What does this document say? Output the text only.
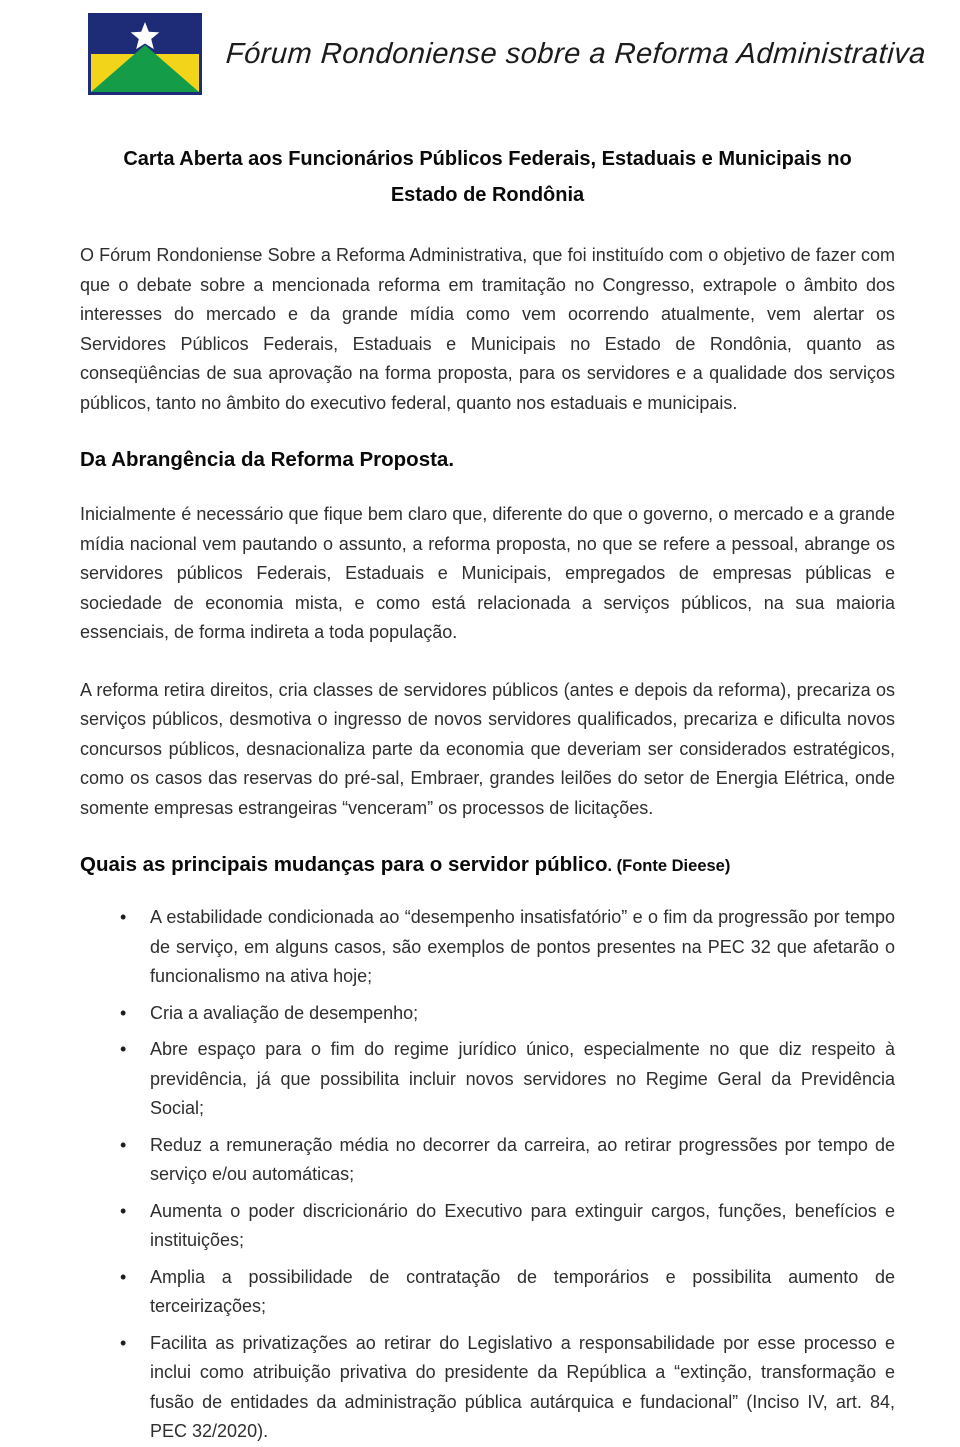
Fórum Rondoniense sobre a Reforma Administrativa
Carta Aberta aos Funcionários Públicos Federais, Estaduais e Municipais no Estado de Rondônia

O Fórum Rondoniense Sobre a Reforma Administrativa, que foi instituído com o objetivo de fazer com que o debate sobre a mencionada reforma em tramitação no Congresso, extrapole o âmbito dos interesses do mercado e da grande mídia como vem ocorrendo atualmente, vem alertar os Servidores Públicos Federais, Estaduais e Municipais no Estado de Rondônia, quanto as conseqüências de sua aprovação na forma proposta, para os servidores e a qualidade dos serviços públicos, tanto no âmbito do executivo federal, quanto nos estaduais e municipais.

Da Abrangência da Reforma Proposta.

Inicialmente é necessário que fique bem claro que, diferente do que o governo, o mercado e a grande mídia nacional vem pautando o assunto, a reforma proposta, no que se refere a pessoal, abrange os servidores públicos Federais, Estaduais e Municipais, empregados de empresas públicas e sociedade de economia mista, e como está relacionada a serviços públicos, na sua maioria essenciais, de forma indireta a toda população.

A reforma retira direitos, cria classes de servidores públicos (antes e depois da reforma), precariza os serviços públicos, desmotiva o ingresso de novos servidores qualificados, precariza e dificulta novos concursos públicos, desnacionaliza parte da economia que deveriam ser considerados estratégicos, como os casos das reservas do pré-sal, Embraer, grandes leilões do setor de Energia Elétrica, onde somente empresas estrangeiras “venceram” os processos de licitações.

Quais as principais mudanças para o servidor público. (Fonte Dieese)
• A estabilidade condicionada ao “desempenho insatisfatório” e o fim da progressão por tempo de serviço, em alguns casos, são exemplos de pontos presentes na PEC 32 que afetarão o funcionalismo na ativa hoje;
• Cria a avaliação de desempenho;
• Abre espaço para o fim do regime jurídico único, especialmente no que diz respeito à previdência, já que possibilita incluir novos servidores no Regime Geral da Previdência Social;
• Reduz a remuneração média no decorrer da carreira, ao retirar progressões por tempo de serviço e/ou automáticas;
• Aumenta o poder discricionário do Executivo para extinguir cargos, funções, benefícios e instituições;
• Amplia a possibilidade de contratação de temporários e possibilita aumento de terceirizações;
• Facilita as privatizações ao retirar do Legislativo a responsabilidade por esse processo e inclui como atribuição privativa do presidente da República a “extinção, transformação e fusão de entidades da administração pública autárquica e fundacional” (Inciso IV, art. 84, PEC 32/2020).
